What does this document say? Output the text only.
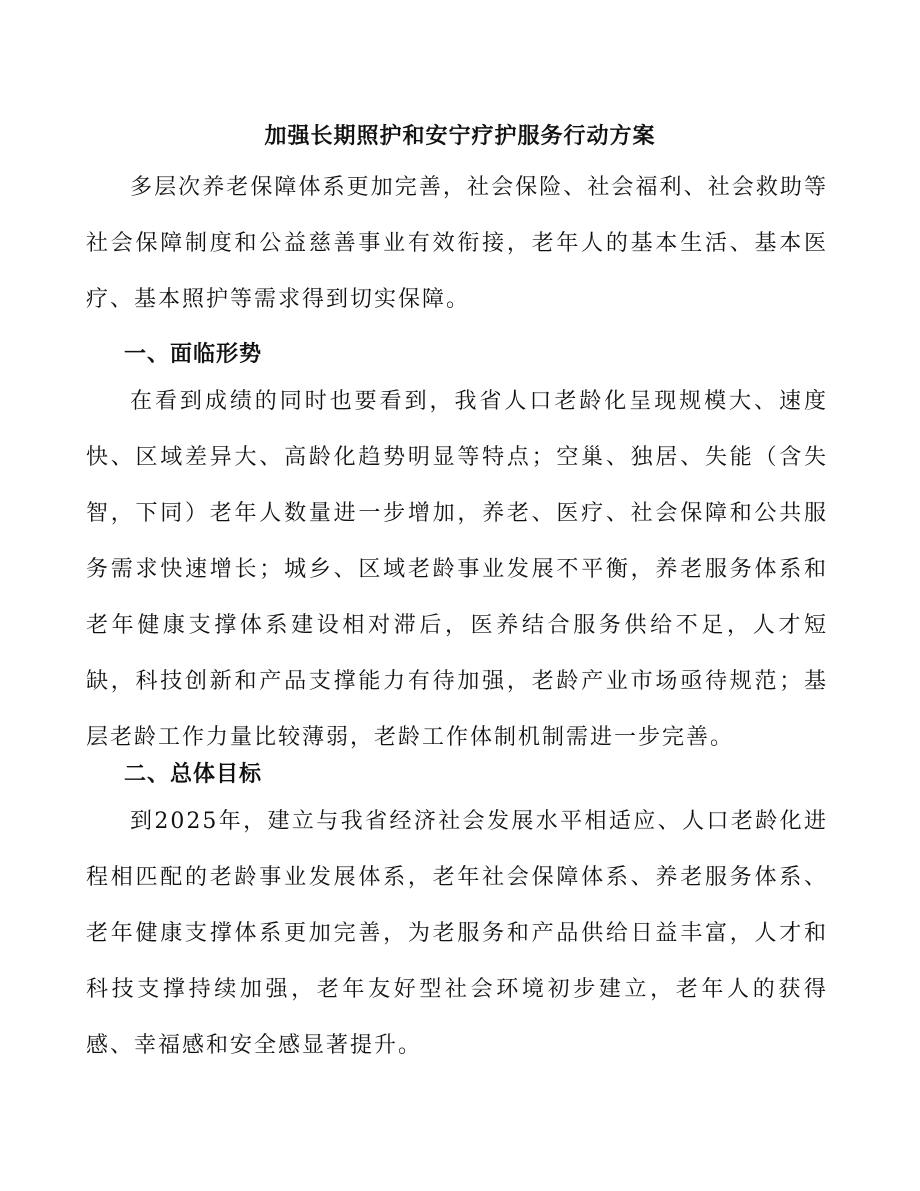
加强长期照护和安宁疗护服务行动方案

多层次养老保障体系更加完善，社会保险、社会福利、社会救助等社会保障制度和公益慈善事业有效衔接，老年人的基本生活、基本医疗、基本照护等需求得到切实保障。

一、面临形势

在看到成绩的同时也要看到，我省人口老龄化呈现规模大、速度快、区域差异大、高龄化趋势明显等特点；空巢、独居、失能（含失智，下同）老年人数量进一步增加，养老、医疗、社会保障和公共服务需求快速增长；城乡、区域老龄事业发展不平衡，养老服务体系和老年健康支撑体系建设相对滞后，医养结合服务供给不足，人才短缺，科技创新和产品支撑能力有待加强，老龄产业市场亟待规范；基层老龄工作力量比较薄弱，老龄工作体制机制需进一步完善。

二、总体目标

到2025年，建立与我省经济社会发展水平相适应、人口老龄化进程相匹配的老龄事业发展体系，老年社会保障体系、养老服务体系、老年健康支撑体系更加完善，为老服务和产品供给日益丰富，人才和科技支撑持续加强，老年友好型社会环境初步建立，老年人的获得感、幸福感和安全感显著提升。
